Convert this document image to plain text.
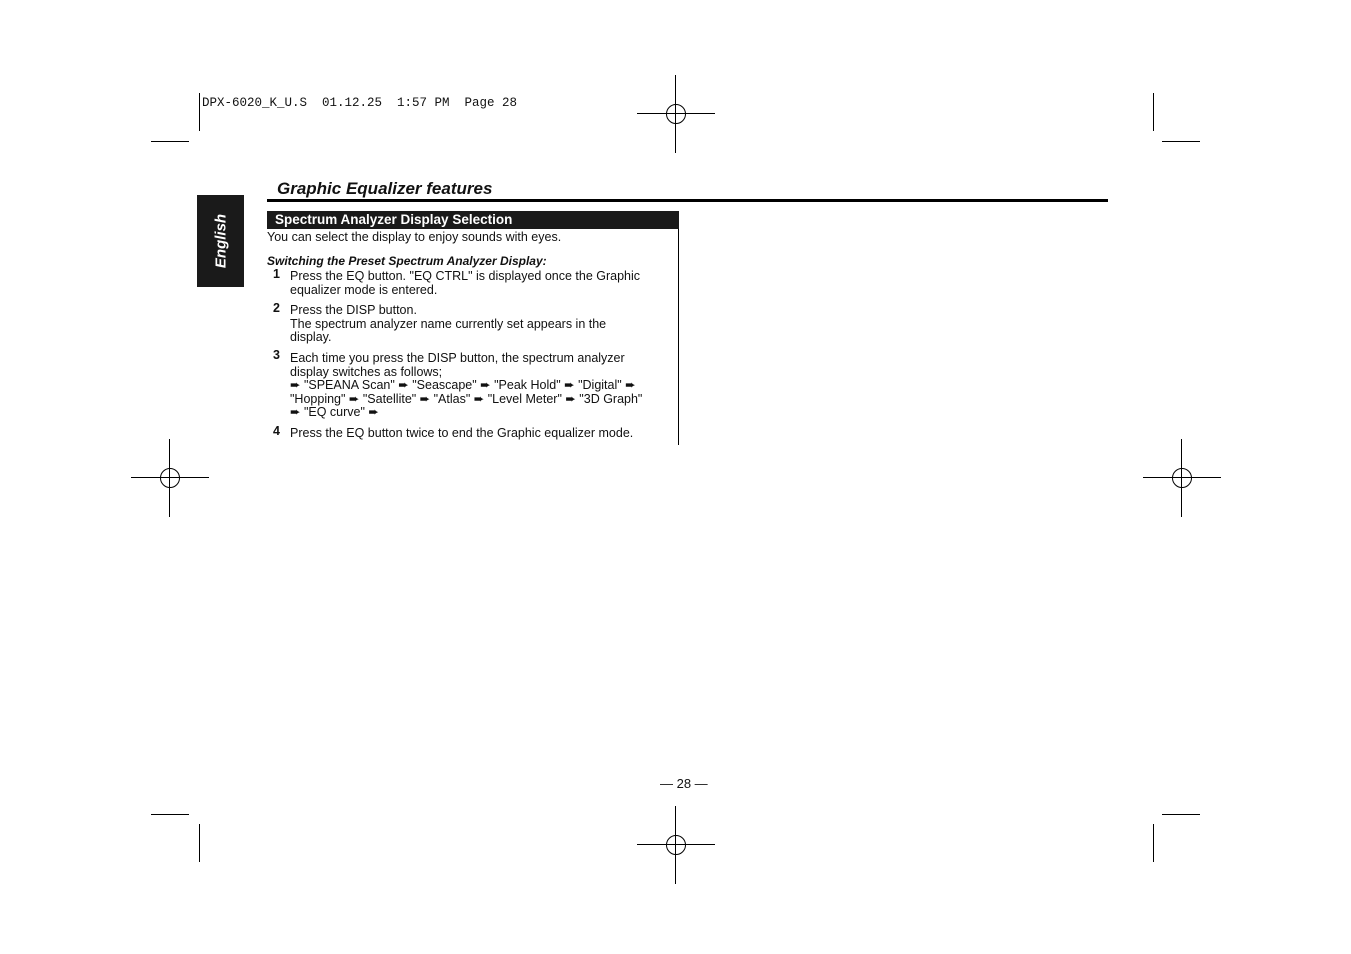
DPX-6020_K_U.S  01.12.25  1:57 PM  Page 28
English
Graphic Equalizer features
Spectrum Analyzer Display Selection
You can select the display to enjoy sounds with eyes.
Switching the Preset Spectrum Analyzer Display:
1 Press the EQ button. "EQ CTRL" is displayed once the Graphic
equalizer mode is entered.
2 Press the DISP button.
The spectrum analyzer name currently set appears in the
display.
3 Each time you press the DISP button, the spectrum analyzer
display switches as follows;
➨ "SPEANA Scan" ➨ "Seascape" ➨ "Peak Hold" ➨ "Digital" ➨
"Hopping" ➨ "Satellite" ➨ "Atlas" ➨ "Level Meter" ➨ "3D Graph"
➨ "EQ curve" ➨
4 Press the EQ button twice to end the Graphic equalizer mode.
— 28 —
